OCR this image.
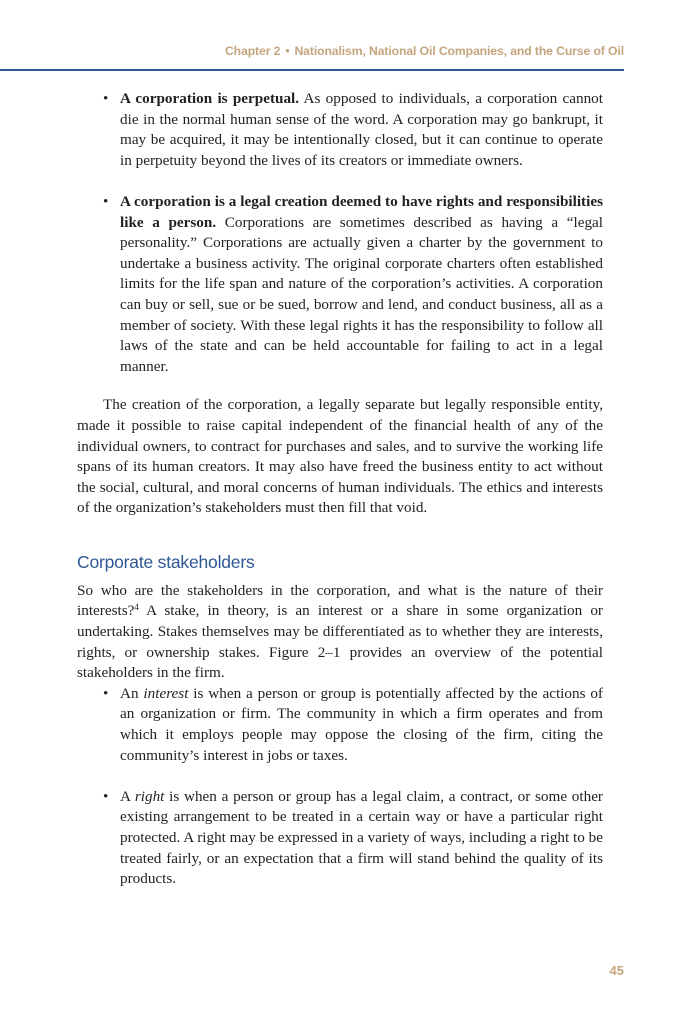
Chapter 2 • Nationalism, National Oil Companies, and the Curse of Oil
• A corporation is perpetual. As opposed to individuals, a corporation cannot die in the normal human sense of the word. A corporation may go bankrupt, it may be acquired, it may be intentionally closed, but it can continue to operate in perpetuity beyond the lives of its creators or immediate owners.
• A corporation is a legal creation deemed to have rights and responsibilities like a person. Corporations are sometimes described as having a “legal personality.” Corporations are actually given a charter by the government to undertake a business activity. The original corporate charters often established limits for the life span and nature of the corporation’s activities. A corporation can buy or sell, sue or be sued, borrow and lend, and conduct business, all as a member of society. With these legal rights it has the responsibility to follow all laws of the state and can be held accountable for failing to act in a legal manner.

The creation of the corporation, a legally separate but legally responsible entity, made it possible to raise capital independent of the financial health of any of the individual owners, to contract for purchases and sales, and to survive the working life spans of its human creators. It may also have freed the business entity to act without the social, cultural, and moral concerns of human individuals. The ethics and interests of the organization’s stakeholders must then fill that void.

Corporate stakeholders

So who are the stakeholders in the corporation, and what is the nature of their interests?$^4$ A stake, in theory, is an interest or a share in some organization or undertaking. Stakes themselves may be differentiated as to whether they are interests, rights, or ownership stakes. Figure 2–1 provides an overview of the potential stakeholders in the firm.

• An interest is when a person or group is potentially affected by the actions of an organization or firm. The community in which a firm operates and from which it employs people may oppose the closing of the firm, citing the community’s interest in jobs or taxes.
• A right is when a person or group has a legal claim, a contract, or some other existing arrangement to be treated in a certain way or have a particular right protected. A right may be expressed in a variety of ways, including a right to be treated fairly, or an expectation that a firm will stand behind the quality of its products.
45
